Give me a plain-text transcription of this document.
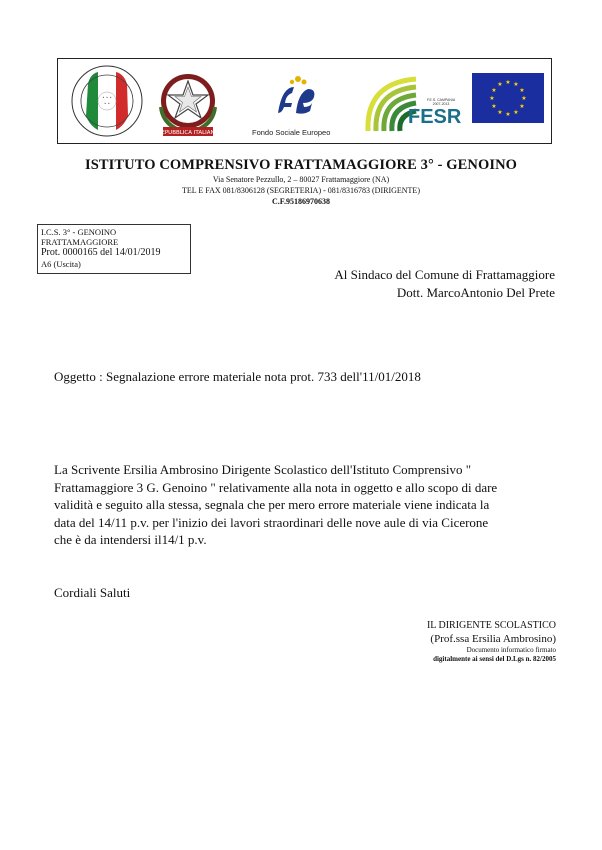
• • •
• •
REPUBBLICA ITALIANA	Fondo Sociale Europeo
FESR
F.E.S. CAMPANIA 2007-2013
★ ★
★
★
★
★
★
★
★
★
★
★
ISTITUTO COMPRENSIVO FRATTAMAGGIORE 3° - GENOINO
Via Senatore Pezzullo, 2 – 80027 Frattamaggiore (NA)
TEL E FAX 081/8306128 (SEGRETERIA) - 081/8316783 (DIRIGENTE)
C.F.95186970638
I.C.S. 3° - GENOINO
FRATTAMAGGIORE
Prot. 0000165 del 14/01/2019
A6 (Uscita)
Al Sindaco del Comune di Frattamaggiore
Dott. MarcoAntonio Del Prete
Oggetto : Segnalazione errore materiale nota prot. 733 dell'11/01/2018
La Scrivente Ersilia Ambrosino Dirigente Scolastico dell'Istituto Comprensivo "
Frattamaggiore 3 G. Genoino " relativamente alla nota in oggetto e allo scopo di dare
validità e seguito alla stessa, segnala che per mero errore materiale viene indicata la
data del 14/11 p.v. per l'inizio dei lavori straordinari delle nove aule di via Cicerone
che è da intendersi il14/1 p.v.
Cordiali Saluti
IL DIRIGENTE SCOLASTICO
(Prof.ssa Ersilia Ambrosino)
Documento informatico firmato
digitalmente ai sensi del D.Lgs n. 82/2005
